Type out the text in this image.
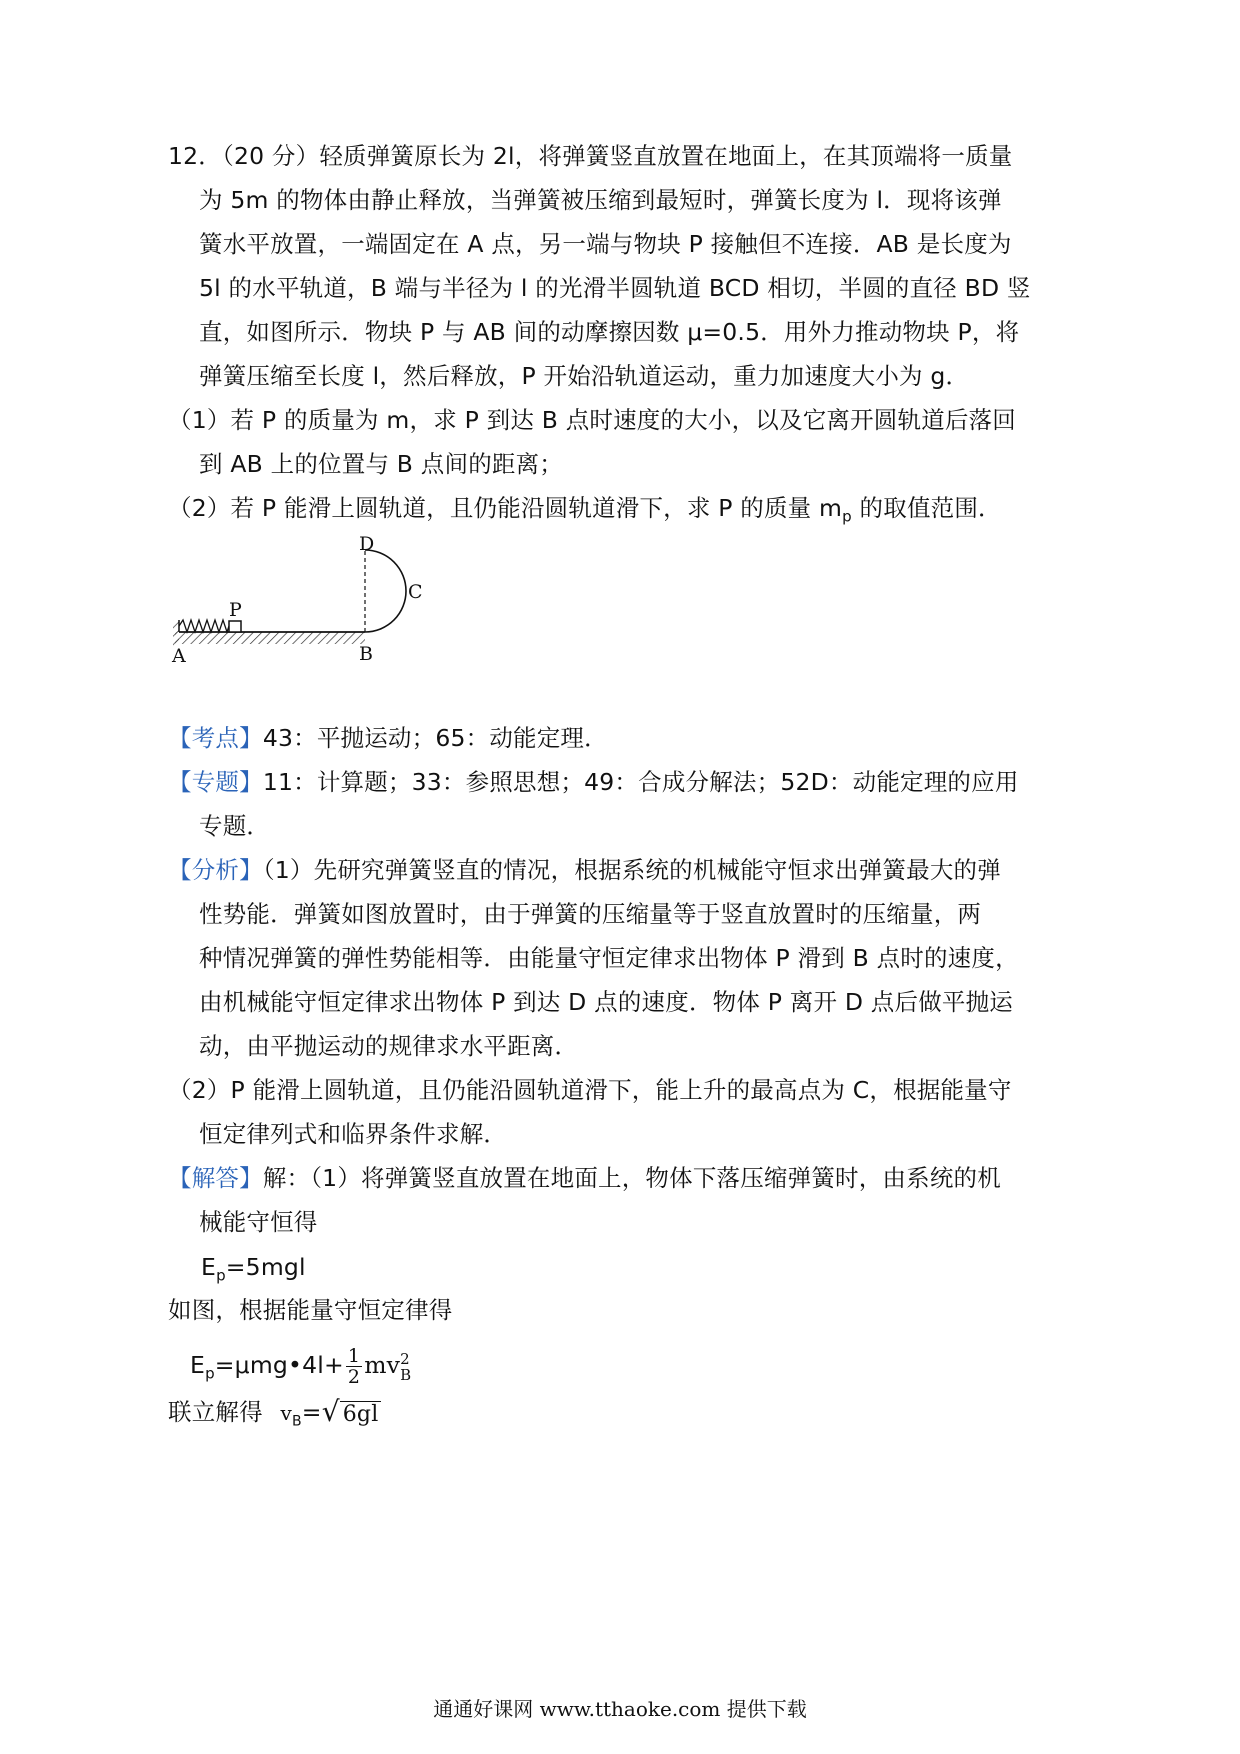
12．（20 分）轻质弹簧原长为 2l，将弹簧竖直放置在地面上，在其顶端将一质量
为 5m 的物体由静止释放，当弹簧被压缩到最短时，弹簧长度为 l．现将该弹
簧水平放置，一端固定在 A 点，另一端与物块 P 接触但不连接．AB 是长度为
5l 的水平轨道，B 端与半径为 l 的光滑半圆轨道 BCD 相切，半圆的直径 BD 竖
直，如图所示．物块 P 与 AB 间的动摩擦因数 μ=0.5．用外力推动物块 P，将
弹簧压缩至长度 l，然后释放，P 开始沿轨道运动，重力加速度大小为 g．
（1）若 P 的质量为 m，求 P 到达 B 点时速度的大小，以及它离开圆轨道后落回
到 AB 上的位置与 B 点间的距离；
（2）若 P 能滑上圆轨道，且仍能沿圆轨道滑下，求 P 的质量 $m_p$ 的取值范围．
A	B
C
D
P
【考点】43：平抛运动；65：动能定理．
【专题】11：计算题；33：参照思想；49：合成分解法；52D：动能定理的应用
专题．
【分析】（1）先研究弹簧竖直的情况，根据系统的机械能守恒求出弹簧最大的弹
性势能．弹簧如图放置时，由于弹簧的压缩量等于竖直放置时的压缩量，两
种情况弹簧的弹性势能相等．由能量守恒定律求出物体 P 滑到 B 点时的速度，
由机械能守恒定律求出物体 P 到达 D 点的速度．物体 P 离开 D 点后做平抛运
动，由平抛运动的规律求水平距离．
（2）P 能滑上圆轨道，且仍能沿圆轨道滑下，能上升的最高点为 C，根据能量守
恒定律列式和临界条件求解．
【解答】解：（1）将弹簧竖直放置在地面上，物体下落压缩弹簧时，由系统的机
械能守恒得
$E_p=5mgl$
如图，根据能量守恒定律得
$E_p=\mu mg•4l+ \frac{1}{2}$ mv 2
B
联立解得 $v_B=√$ 6gl
通通好课网 www.tthaoke.com 提供下载
